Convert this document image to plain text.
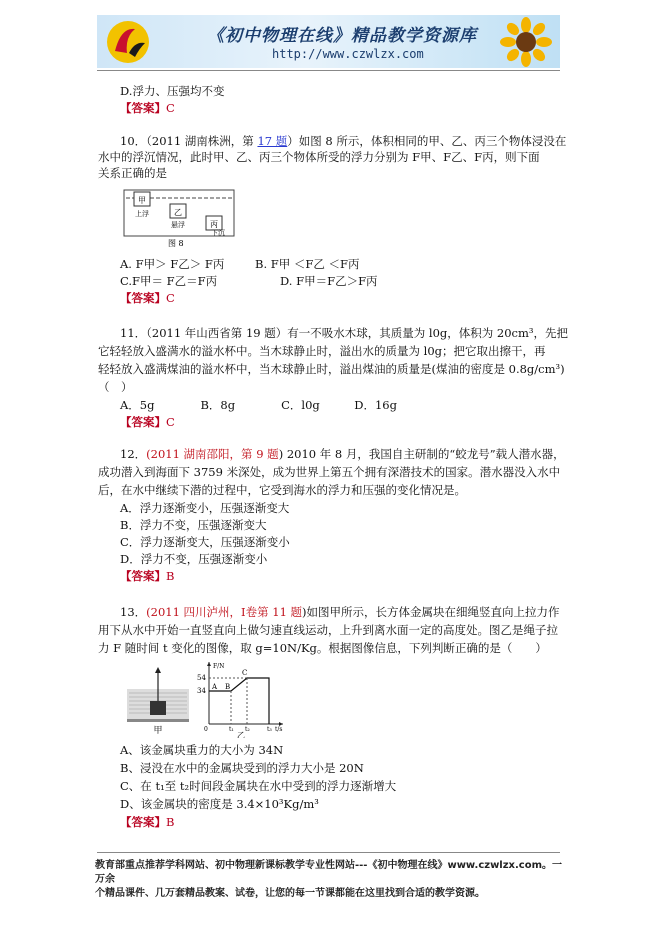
《初中物理在线》精品教学资源库
http://www.czwlzx.com
D.浮力、压强均不变
【答案】C
10．（2011 湖南株洲，第 17 题）如图 8 所示，体积相同的甲、乙、丙三个物体浸没在
水中的浮沉情况，此时甲、乙、丙三个物体所受的浮力分别为 F甲、F乙、F丙，则下面
关系正确的是
甲
上浮	乙
悬浮	丙
下沉
图 8
A. F甲＞ F乙＞ F丙	B. F甲 ＜F乙 ＜F丙
C.F甲＝ F乙＝F丙	D. F甲＝F乙＞F丙
【答案】C
11．（2011 年山西省第 19 题）有一不吸水木球，其质量为 l0g，体积为 20cm³，先把
它轻轻放入盛满水的溢水杯中。当木球静止时，溢出水的质量为 l0g；把它取出擦干，再
轻轻放入盛满煤油的溢水杯中，当木球静止时，溢出煤油的质量是(煤油的密度是 0.8g/cm³)
（　）
A．5g　　　　B．8g　　　　C．l0g　　　D．16g
【答案】C
12．(2011 湖南邵阳，第 9 题) 2010 年 8 月，我国自主研制的“蛟龙号”载人潜水器，
成功潜入到海面下 3759 米深处，成为世界上第五个拥有深潜技术的国家。潜水器没入水中
后，在水中继续下潜的过程中，它受到海水的浮力和压强的变化情况是。
A．浮力逐渐变小，压强逐渐变大
B．浮力不变，压强逐渐变大
C．浮力逐渐变大，压强逐渐变小
D．浮力不变，压强逐渐变小
【答案】B
13．(2011 四川泸州，Ⅰ卷第 11 题)如图甲所示，长方体金属块在细绳竖直向上拉力作
用下从水中开始一直竖直向上做匀速直线运动，上升到离水面一定的高度处。图乙是绳子拉
力 F 随时间 t 变化的图像，取 g=10N/Kg。根据图像信息，下列判断正确的是（　　）
甲
F/N
t/s
54
34 A B
C
0	t₁ t₂	t₃
乙
A、该金属块重力的大小为 34N
B、浸没在水中的金属块受到的浮力大小是 20N
C、在 t₁至 t₂时间段金属块在水中受到的浮力逐渐增大
D、该金属块的密度是 3.4×10³Kg/m³
【答案】B
教育部重点推荐学科网站、初中物理新课标教学专业性网站---《初中物理在线》www.czwlzx.com。一万余
个精品课件、几万套精品教案、试卷，让您的每一节课都能在这里找到合适的教学资源。
